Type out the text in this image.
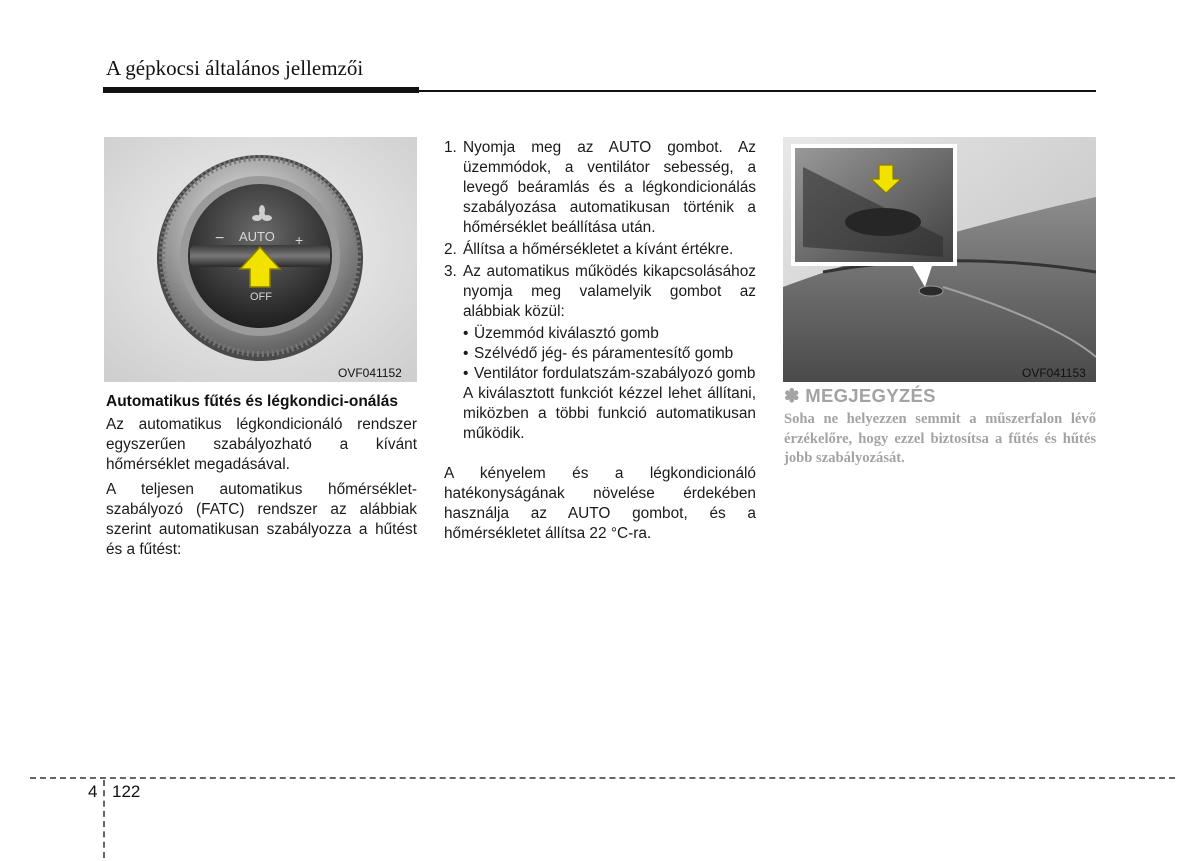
A gépkocsi általános jellemzői
−	+
AUTO
OFF
OVF041152	OVF041153
Automatikus fűtés és légkondici-onálás

Az automatikus légkondicionáló rendszer egyszerűen szabályozható a kívánt hőmérséklet megadásával.

A teljesen automatikus hőmérséklet-szabályozó (FATC) rendszer az alábbiak szerint automatikusan szabályozza a hűtést és a fűtést:

1. Nyomja meg az AUTO gombot. Az üzemmódok, a ventilátor sebesség, a levegő beáramlás és a légkondicionálás szabályozása automatikusan történik a hőmérséklet beállítása után.
2. Állítsa a hőmérsékletet a kívánt értékre.
3. Az automatikus működés kikapcsolásához nyomja meg valamelyik gombot az alábbiak közül:
• Üzemmód kiválasztó gomb
• Szélvédő jég- és páramentesítő gomb
• Ventilátor fordulatszám-szabályozó gomb

A kiválasztott funkciót kézzel lehet állítani, miközben a többi funkció automatikusan működik.

A kényelem és a légkondicionáló hatékonyságának növelése érdekében használja az AUTO gombot, és a hőmérsékletet állítsa 22 °C-ra.

✽ MEGJEGYZÉS
Soha ne helyezzen semmit a műszerfalon lévő érzékelőre, hogy ezzel biztosítsa a fűtés és hűtés jobb szabályozását.
4 122
